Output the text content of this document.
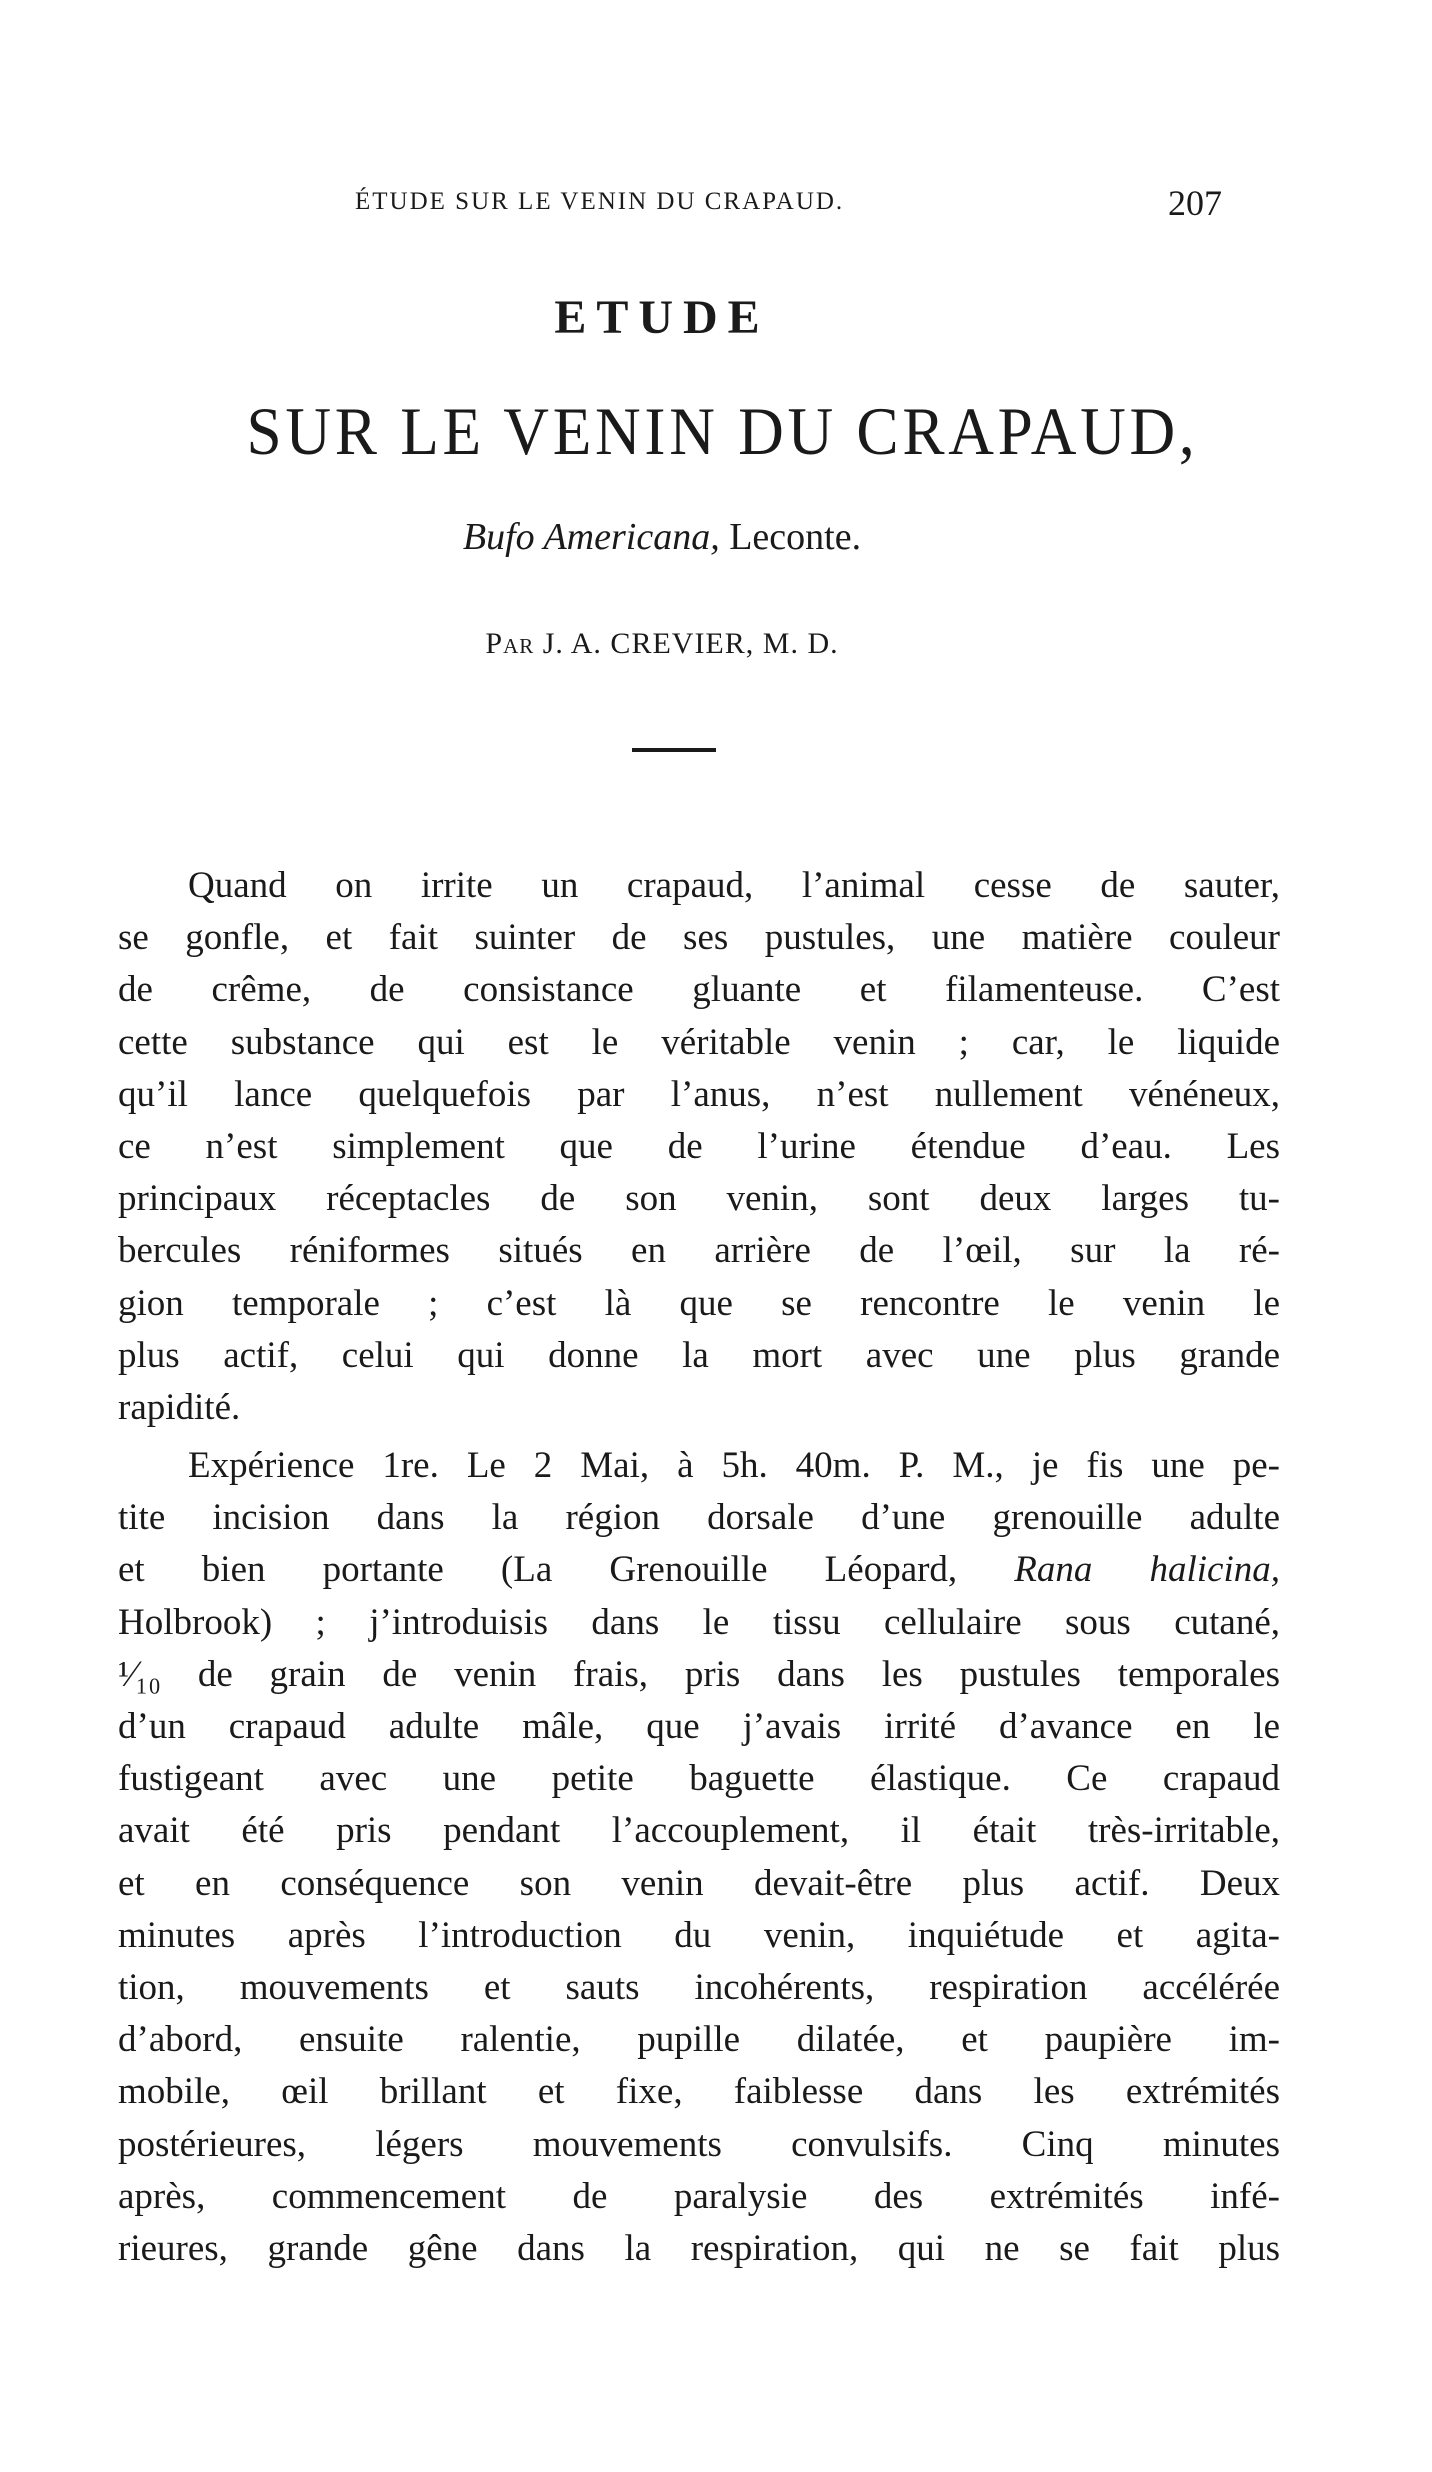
ÉTUDE SUR LE VENIN DU CRAPAUD.	207
ETUDE
SUR LE VENIN DU CRAPAUD,
Bufo Americana, Leconte.
Par J. A. CREVIER, M. D.
Quand on irrite un crapaud, l’animal cesse de sauter,
se gonfle, et fait suinter de ses pustules, une matière couleur
de crême, de consistance gluante et filamenteuse. C’est
cette substance qui est le véritable venin ; car, le liquide
qu’il lance quelquefois par l’anus, n’est nullement vénéneux,
ce n’est simplement que de l’urine étendue d’eau. Les
principaux réceptacles de son venin, sont deux larges tu-
bercules réniformes situés en arrière de l’œil, sur la ré-
gion temporale ; c’est là que se rencontre le venin le
plus actif, celui qui donne la mort avec une plus grande
rapidité.
Expérience 1re. Le 2 Mai, à 5h. 40m. P. M., je fis une pe-
tite incision dans la région dorsale d’une grenouille adulte
et bien portante (La Grenouille Léopard, Rana halicina,
Holbrook) ; j’introduisis dans le tissu cellulaire sous cutané,
¹⁄₁₀ de grain de venin frais, pris dans les pustules temporales
d’un crapaud adulte mâle, que j’avais irrité d’avance en le
fustigeant avec une petite baguette élastique. Ce crapaud
avait été pris pendant l’accouplement, il était très-irritable,
et en conséquence son venin devait-être plus actif. Deux
minutes après l’introduction du venin, inquiétude et agita-
tion, mouvements et sauts incohérents, respiration accélérée
d’abord, ensuite ralentie, pupille dilatée, et paupière im-
mobile, œil brillant et fixe, faiblesse dans les extrémités
postérieures, légers mouvements convulsifs. Cinq minutes
après, commencement de paralysie des extrémités infé-
rieures, grande gêne dans la respiration, qui ne se fait plus
